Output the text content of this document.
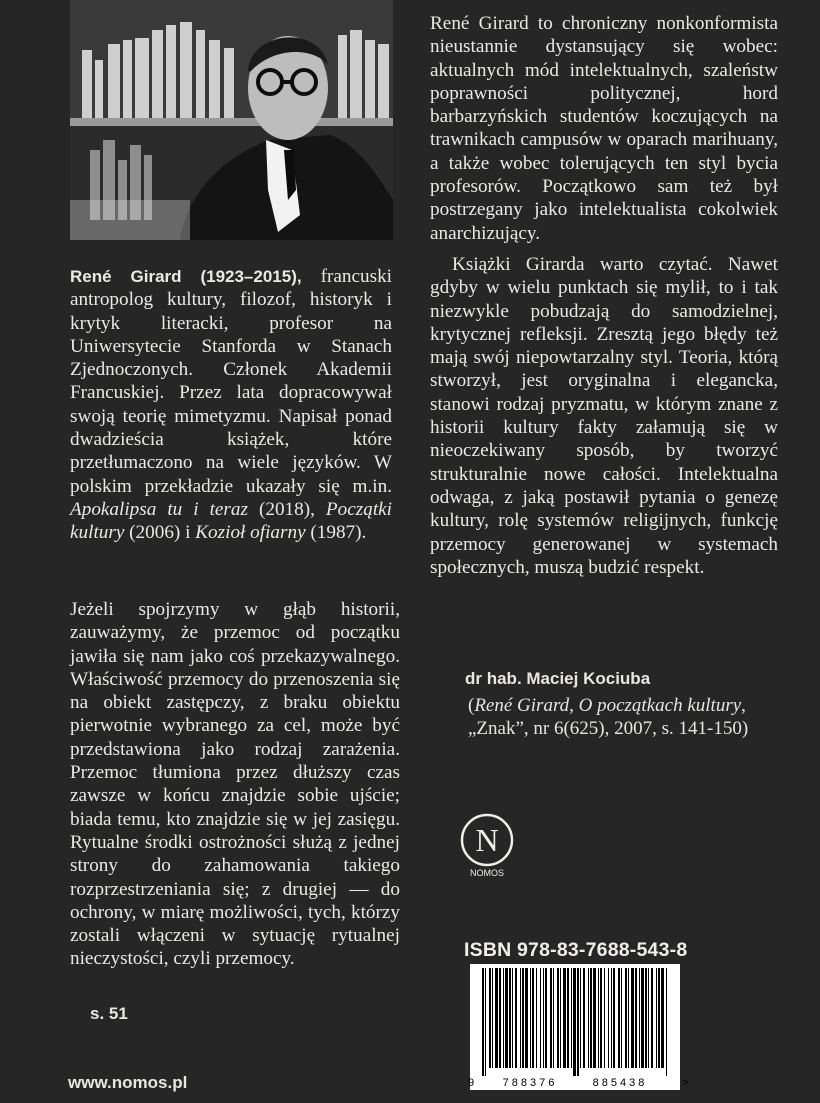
René Girard (1923–2015), francuski antropolog kultury, filozof, historyk i krytyk literacki, profesor na Uniwersytecie Stanforda w Stanach Zjednoczonych. Członek Akademii Francuskiej. Przez lata dopracowywał swoją teorię mimetyzmu. Napisał ponad dwadzieścia książek, które przetłumaczono na wiele języków. W polskim przekładzie ukazały się m.in. Apokalipsa tu i teraz (2018), Początki kultury (2006) i Kozioł ofiarny (1987).

Jeżeli spojrzymy w głąb historii, zauważymy, że przemoc od początku jawiła się nam jako coś przekazywalnego. Właściwość przemocy do przenoszenia się na obiekt zastępczy, z braku obiektu pierwotnie wybranego za cel, może być przedstawiona jako rodzaj zarażenia. Przemoc tłumiona przez dłuższy czas zawsze w końcu znajdzie sobie ujście; biada temu, kto znajdzie się w jej zasięgu. Rytualne środki ostrożności służą z jednej strony do zahamowania takiego rozprzestrzeniania się; z drugiej — do ochrony, w miarę możliwości, tych, którzy zostali włączeni w sytuację rytualnej nieczystości, czyli przemocy.

s. 51

René Girard to chroniczny nonkonformista nieustannie dystansujący się wobec: aktualnych mód intelektualnych, szaleństw poprawności politycznej, hord barbarzyńskich studentów koczujących na trawnikach campusów w oparach marihuany, a także wobec tolerujących ten styl bycia profesorów. Początkowo sam też był postrzegany jako intelektualista cokolwiek anarchizujący.

Książki Girarda warto czytać. Nawet gdyby w wielu punktach się mylił, to i tak niezwykle pobudzają do samodzielnej, krytycznej refleksji. Zresztą jego błędy też mają swój niepowtarzalny styl. Teoria, którą stworzył, jest oryginalna i elegancka, stanowi rodzaj pryzmatu, w którym znane z historii kultury fakty załamują się w nieoczekiwany sposób, by tworzyć strukturalnie nowe całości. Intelektualna odwaga, z jaką postawił pytania o genezę kultury, rolę systemów religijnych, funkcję przemocy generowanej w systemach społecznych, muszą budzić respekt.

dr hab. Maciej Kociuba
(René Girard, O początkach kultury,
„Znak”, nr 6(625), 2007, s. 141-150)
N
NOMOS
ISBN 978-83-7688-543-8
9	788376	885438	>
www.nomos.pl
